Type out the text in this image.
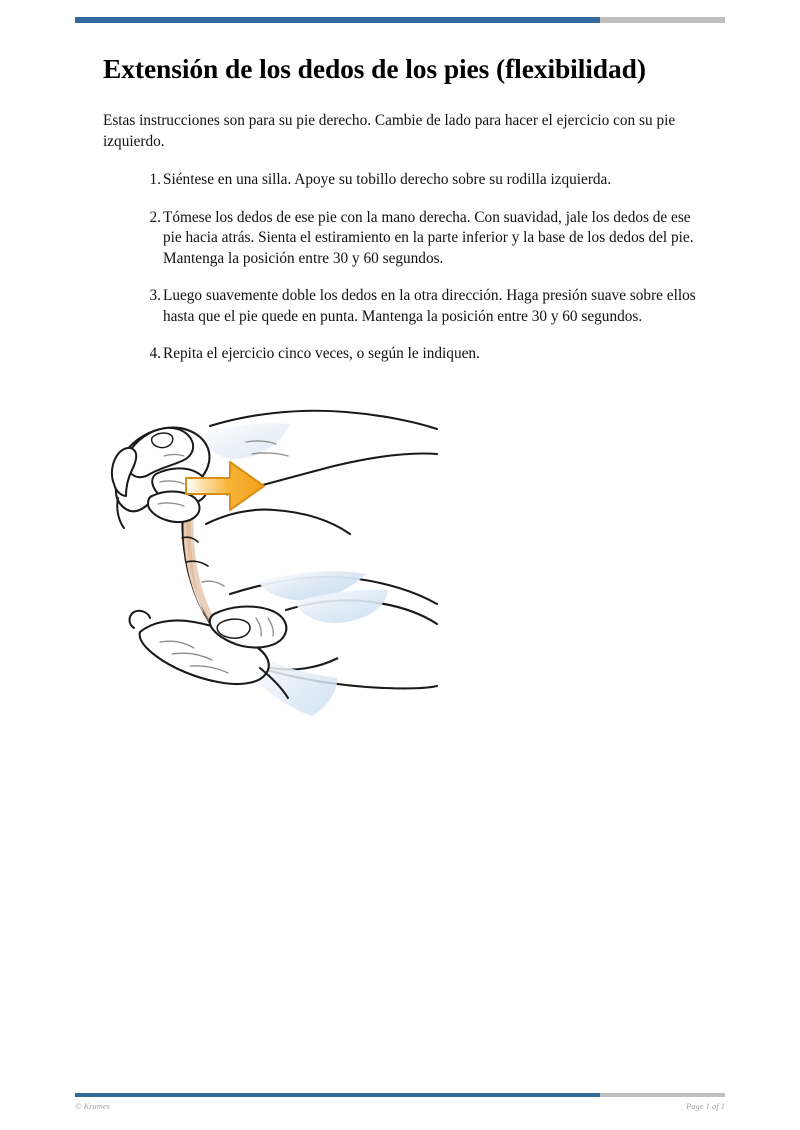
Extensión de los dedos de los pies (flexibilidad)

Estas instrucciones son para su pie derecho. Cambie de lado para hacer el ejercicio con su pie izquierdo.

Siéntese en una silla. Apoye su tobillo derecho sobre su rodilla izquierda.
Tómese los dedos de ese pie con la mano derecha. Con suavidad, jale los dedos de ese pie hacia atrás. Sienta el estiramiento en la parte inferior y la base de los dedos del pie. Mantenga la posición entre 30 y 60 segundos.
Luego suavemente doble los dedos en la otra dirección. Haga presión suave sobre ellos hasta que el pie quede en punta. Mantenga la posición entre 30 y 60 segundos.
Repita el ejercicio cinco veces, o según le indiquen.
© Krames	Page 1 of 1
